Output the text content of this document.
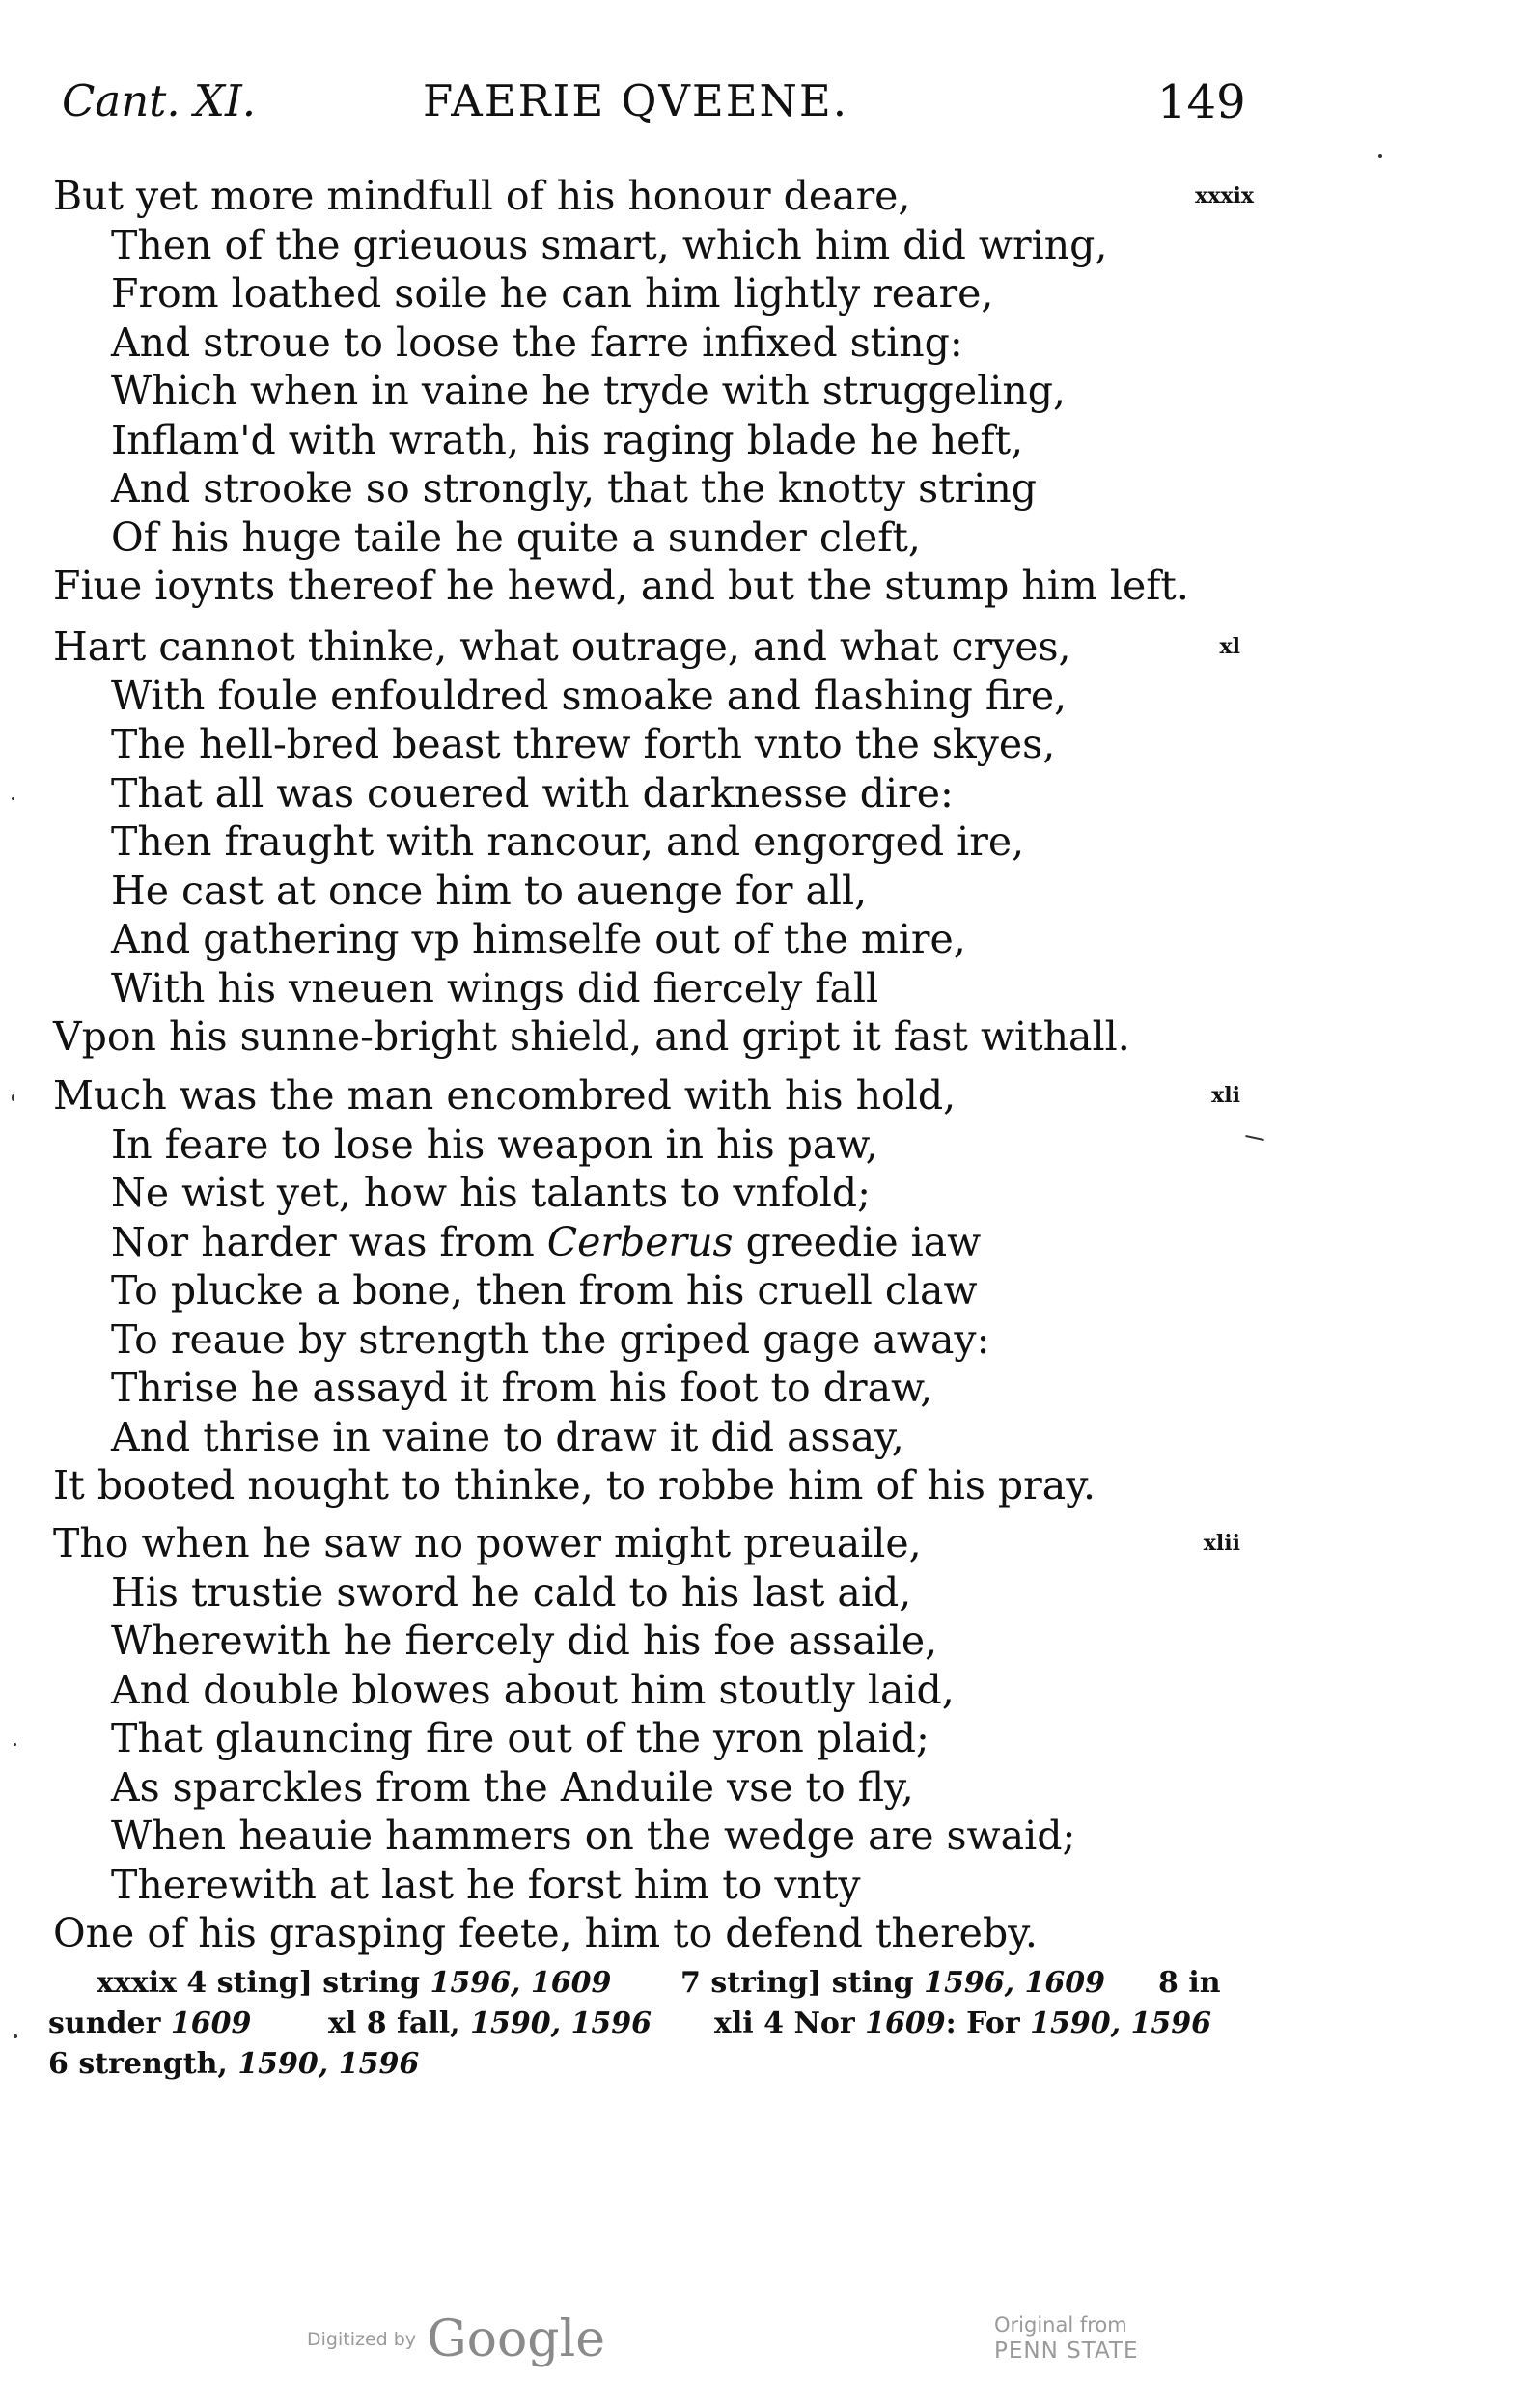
Cant. XI.	FAERIE QVEENE.	149
But yet more mindfull of his honour deare,	xxxix
Then of the grieuous smart, which him did wring,
From loathed soile he can him lightly reare,
And stroue to loose the farre infixed sting:
Which when in vaine he tryde with struggeling,
Inflam'd with wrath, his raging blade he heft,
And strooke so strongly, that the knotty string
Of his huge taile he quite a sunder cleft,
Fiue ioynts thereof he hewd, and but the stump him left.
Hart cannot thinke, what outrage, and what cryes,	xl
With foule enfouldred smoake and flashing fire,
The hell-bred beast threw forth vnto the skyes,
That all was couered with darknesse dire:
Then fraught with rancour, and engorged ire,
He cast at once him to auenge for all,
And gathering vp himselfe out of the mire,
With his vneuen wings did fiercely fall
Vpon his sunne-bright shield, and gript it fast withall.
Much was the man encombred with his hold,	xli
In feare to lose his weapon in his paw,
Ne wist yet, how his talants to vnfold;
Nor harder was from Cerberus greedie iaw
To plucke a bone, then from his cruell claw
To reaue by strength the griped gage away:
Thrise he assayd it from his foot to draw,
And thrise in vaine to draw it did assay,
It booted nought to thinke, to robbe him of his pray.
Tho when he saw no power might preuaile,	xlii
His trustie sword he cald to his last aid,
Wherewith he fiercely did his foe assaile,
And double blowes about him stoutly laid,
That glauncing fire out of the yron plaid;
As sparckles from the Anduile vse to fly,
When heauie hammers on the wedge are swaid;
Therewith at last he forst him to vnty
One of his grasping feete, him to defend thereby.
xxxix 4 sting] string 1596, 1609 7 string] sting 1596, 1609 8 in
sunder 1609	xl 8 fall, 1590, 1596 xli 4 Nor 1609: For 1590, 1596
6 strength, 1590, 1596
Digitized by Google	Original from
PENN STATE
